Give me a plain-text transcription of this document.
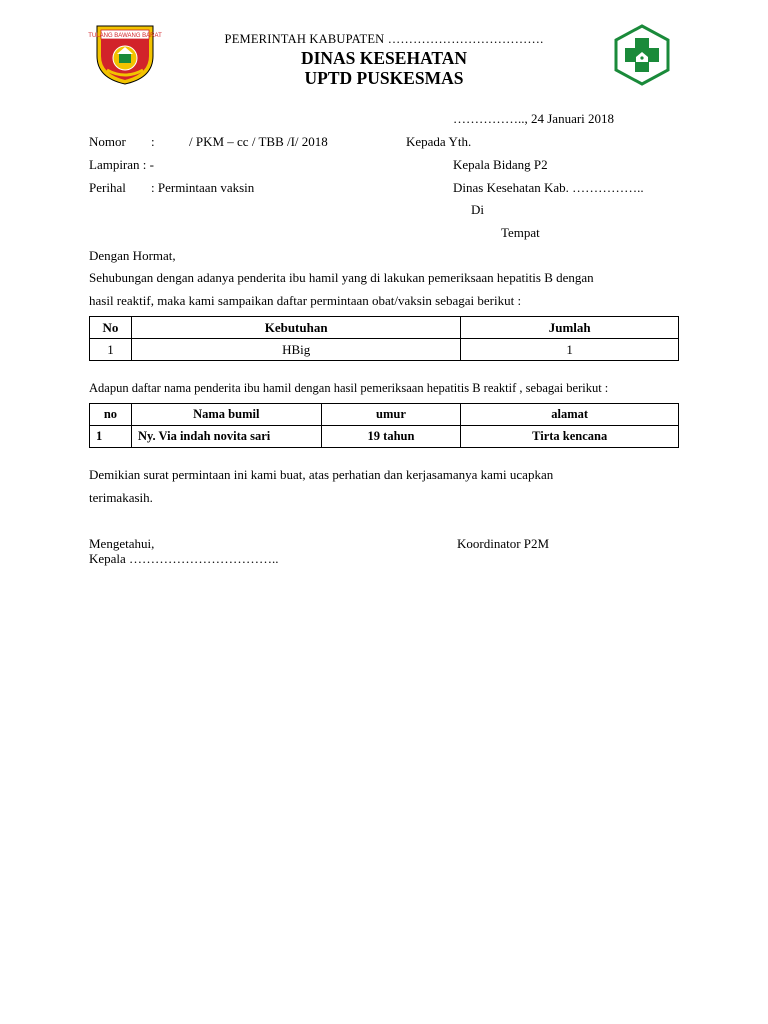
TULANG BAWANG BARAT	PEMERINTAH KABUPATEN ……………………………….
DINAS KESEHATAN
UPTD PUSKESMAS
…………….., 24 Januari 2018
Nomor :	/ PKM – cc / TBB /I/ 2018	Kepada Yth.
Lampiran : -	Kepala Bidang P2
Perihal : Permintaan vaksin	Dinas Kesehatan Kab. ……………..
Di
Tempat
Dengan Hormat,
Sehubungan dengan adanya penderita ibu hamil yang di lakukan pemeriksaan hepatitis B dengan
hasil reaktif, maka kami sampaikan daftar permintaan obat/vaksin sebagai berikut :
No	Kebutuhan	Jumlah
1	HBig	1
Adapun daftar nama penderita ibu hamil dengan hasil pemeriksaan hepatitis B reaktif , sebagai berikut :
no	Nama bumil	umur	alamat
1	Ny. Via indah novita sari	19 tahun	Tirta kencana
Demikian surat permintaan ini kami buat, atas perhatian dan kerjasamanya kami ucapkan
terimakasih.
Mengetahui,
Kepala ……………………………..
Koordinator P2M
